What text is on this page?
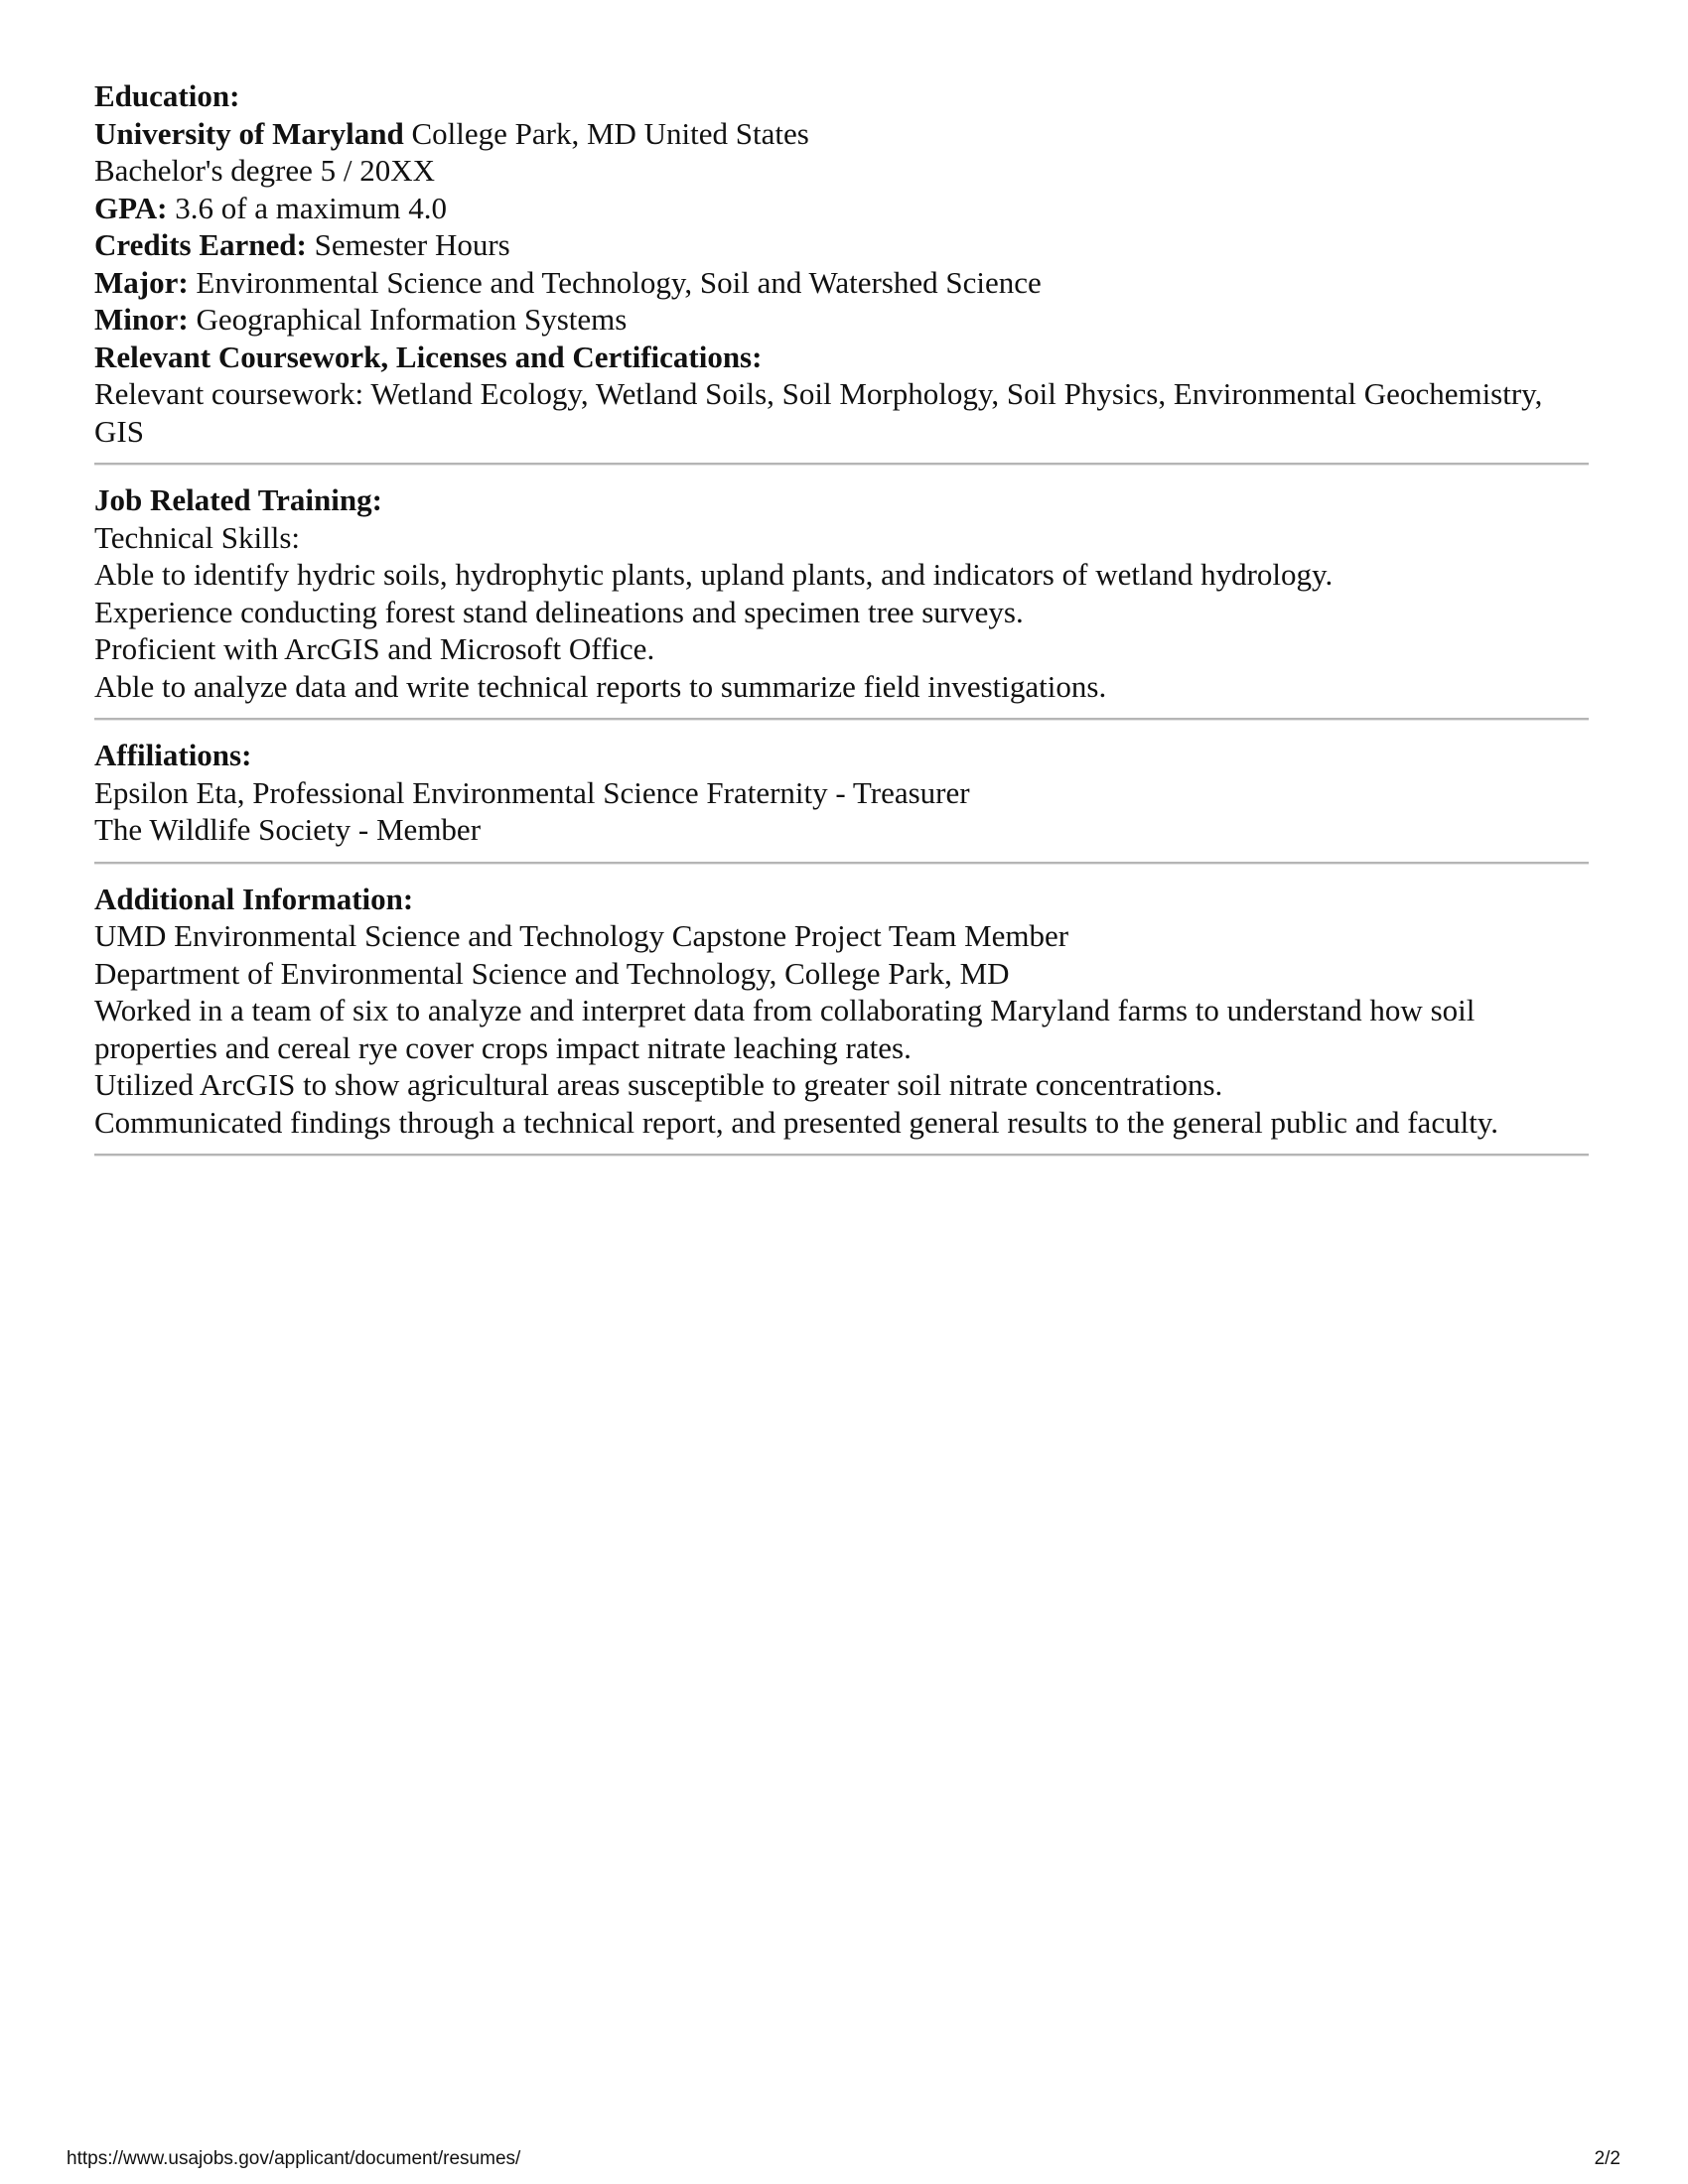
Education:
University of Maryland College Park, MD United States
Bachelor's degree 5 / 20XX
GPA: 3.6 of a maximum 4.0
Credits Earned: Semester Hours
Major: Environmental Science and Technology, Soil and Watershed Science
Minor: Geographical Information Systems
Relevant Coursework, Licenses and Certifications:
Relevant coursework: Wetland Ecology, Wetland Soils, Soil Morphology, Soil Physics, Environmental Geochemistry, GIS
Job Related Training:
Technical Skills:
Able to identify hydric soils, hydrophytic plants, upland plants, and indicators of wetland hydrology.
Experience conducting forest stand delineations and specimen tree surveys.
Proficient with ArcGIS and Microsoft Office.
Able to analyze data and write technical reports to summarize field investigations.
Affiliations:
Epsilon Eta, Professional Environmental Science Fraternity - Treasurer
The Wildlife Society - Member
Additional Information:
UMD Environmental Science and Technology Capstone Project Team Member
Department of Environmental Science and Technology, College Park, MD
Worked in a team of six to analyze and interpret data from collaborating Maryland farms to understand how soil properties and cereal rye cover crops impact nitrate leaching rates.
Utilized ArcGIS to show agricultural areas susceptible to greater soil nitrate concentrations.
Communicated findings through a technical report, and presented general results to the general public and faculty.
https://www.usajobs.gov/applicant/document/resumes/	2/2
